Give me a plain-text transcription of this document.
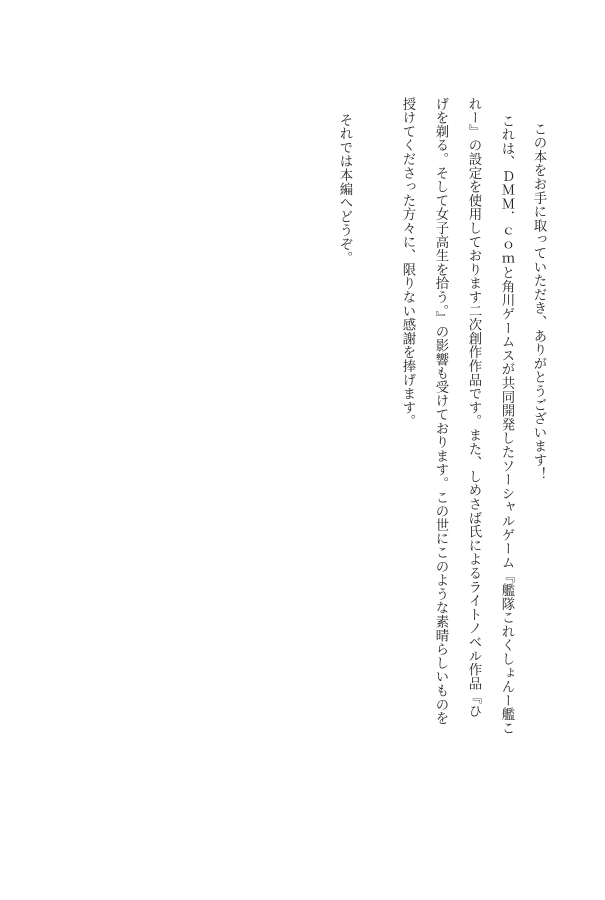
この本をお手に取っていただき、ありがとうございます！

これは、ＤＭＭ．ｃｏｍと角川ゲームスが共同開発したソーシャルゲーム『艦隊これくしょんー艦こ

れー』の設定を使用しております二次創作作品です。また、しめさば氏によるライトノベル作品『ひ

げを剃る。そして女子高生を拾う。』の影響も受けております。この世にこのような素晴らしいものを

授けてくださった方々に、限りない感謝を捧げます。

それでは本編へどうぞ。
